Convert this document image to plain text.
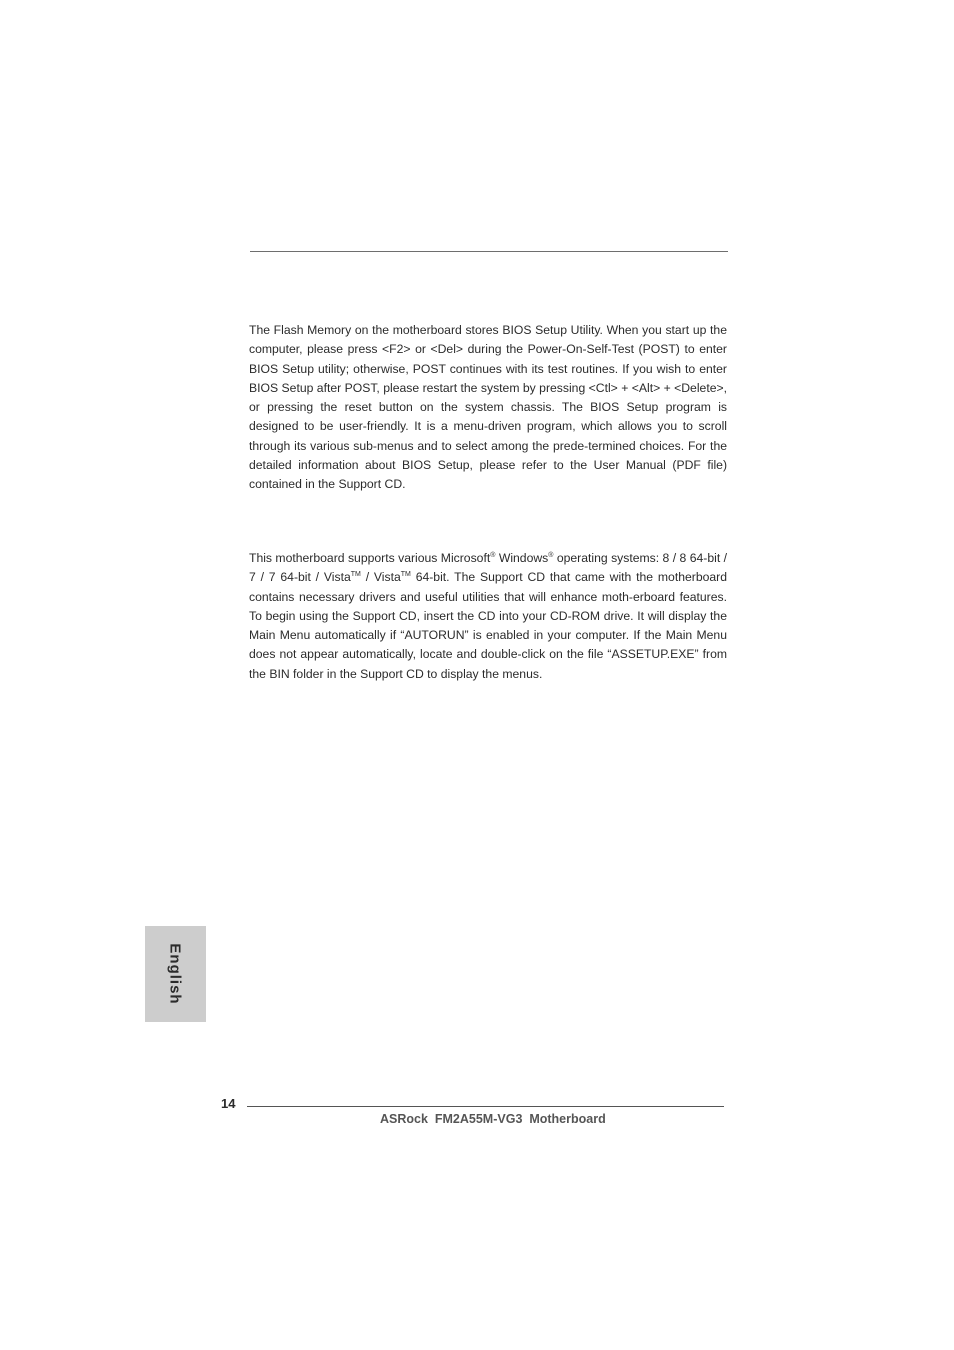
The Flash Memory on the motherboard stores BIOS Setup Utility. When you start up the computer, please press <F2> or <Del> during the Power-On-Self-Test (POST) to enter BIOS Setup utility; otherwise, POST continues with its test routines. If you wish to enter BIOS Setup after POST, please restart the system by pressing <Ctl> + <Alt> + <Delete>, or pressing the reset button on the system chassis. The BIOS Setup program is designed to be user-friendly. It is a menu-driven program, which allows you to scroll through its various sub-menus and to select among the prede-termined choices. For the detailed information about BIOS Setup, please refer to the User Manual (PDF file) contained in the Support CD.

This motherboard supports various Microsoft® Windows® operating systems: 8 / 8 64-bit / 7 / 7 64-bit / Vista™ / Vista™ 64-bit. The Support CD that came with the motherboard contains necessary drivers and useful utilities that will enhance moth-erboard features. To begin using the Support CD, insert the CD into your CD-ROM drive. It will display the Main Menu automatically if “AUTORUN” is enabled in your computer. If the Main Menu does not appear automatically, locate and double-click on the file “ASSETUP.EXE” from the BIN folder in the Support CD to display the menus.

English
14
ASRock  FM2A55M-VG3  Motherboard
